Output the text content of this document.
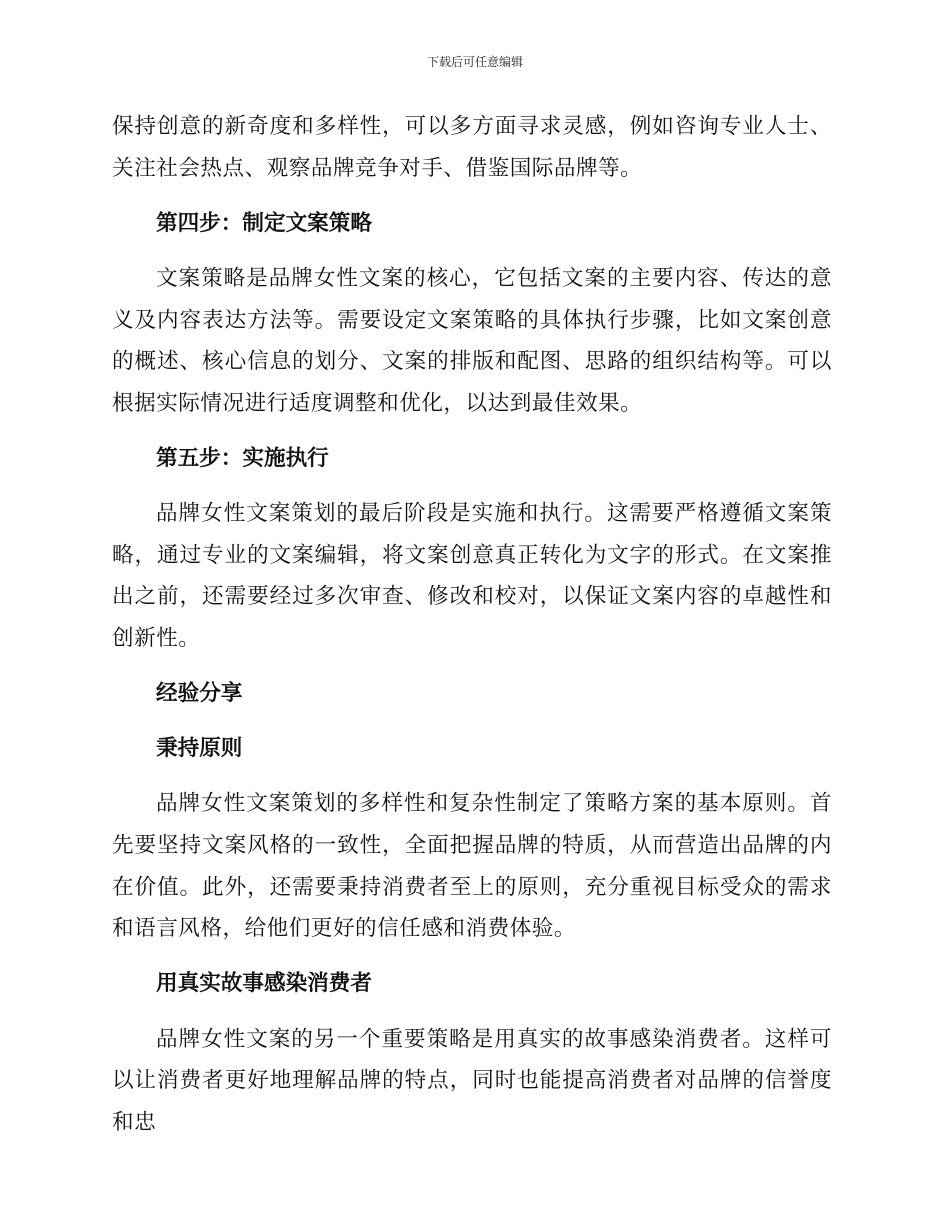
下载后可任意编辑

保持创意的新奇度和多样性，可以多方面寻求灵感，例如咨询专业人士、关注社会热点、观察品牌竞争对手、借鉴国际品牌等。

第四步：制定文案策略

文案策略是品牌女性文案的核心，它包括文案的主要内容、传达的意义及内容表达方法等。需要设定文案策略的具体执行步骤，比如文案创意的概述、核心信息的划分、文案的排版和配图、思路的组织结构等。可以根据实际情况进行适度调整和优化，以达到最佳效果。

第五步：实施执行

品牌女性文案策划的最后阶段是实施和执行。这需要严格遵循文案策略，通过专业的文案编辑，将文案创意真正转化为文字的形式。在文案推出之前，还需要经过多次审查、修改和校对，以保证文案内容的卓越性和创新性。

经验分享
秉持原则

品牌女性文案策划的多样性和复杂性制定了策略方案的基本原则。首先要坚持文案风格的一致性，全面把握品牌的特质，从而营造出品牌的内在价值。此外，还需要秉持消费者至上的原则，充分重视目标受众的需求和语言风格，给他们更好的信任感和消费体验。

用真实故事感染消费者

品牌女性文案的另一个重要策略是用真实的故事感染消费者。这样可以让消费者更好地理解品牌的特点，同时也能提高消费者对品牌的信誉度和忠
